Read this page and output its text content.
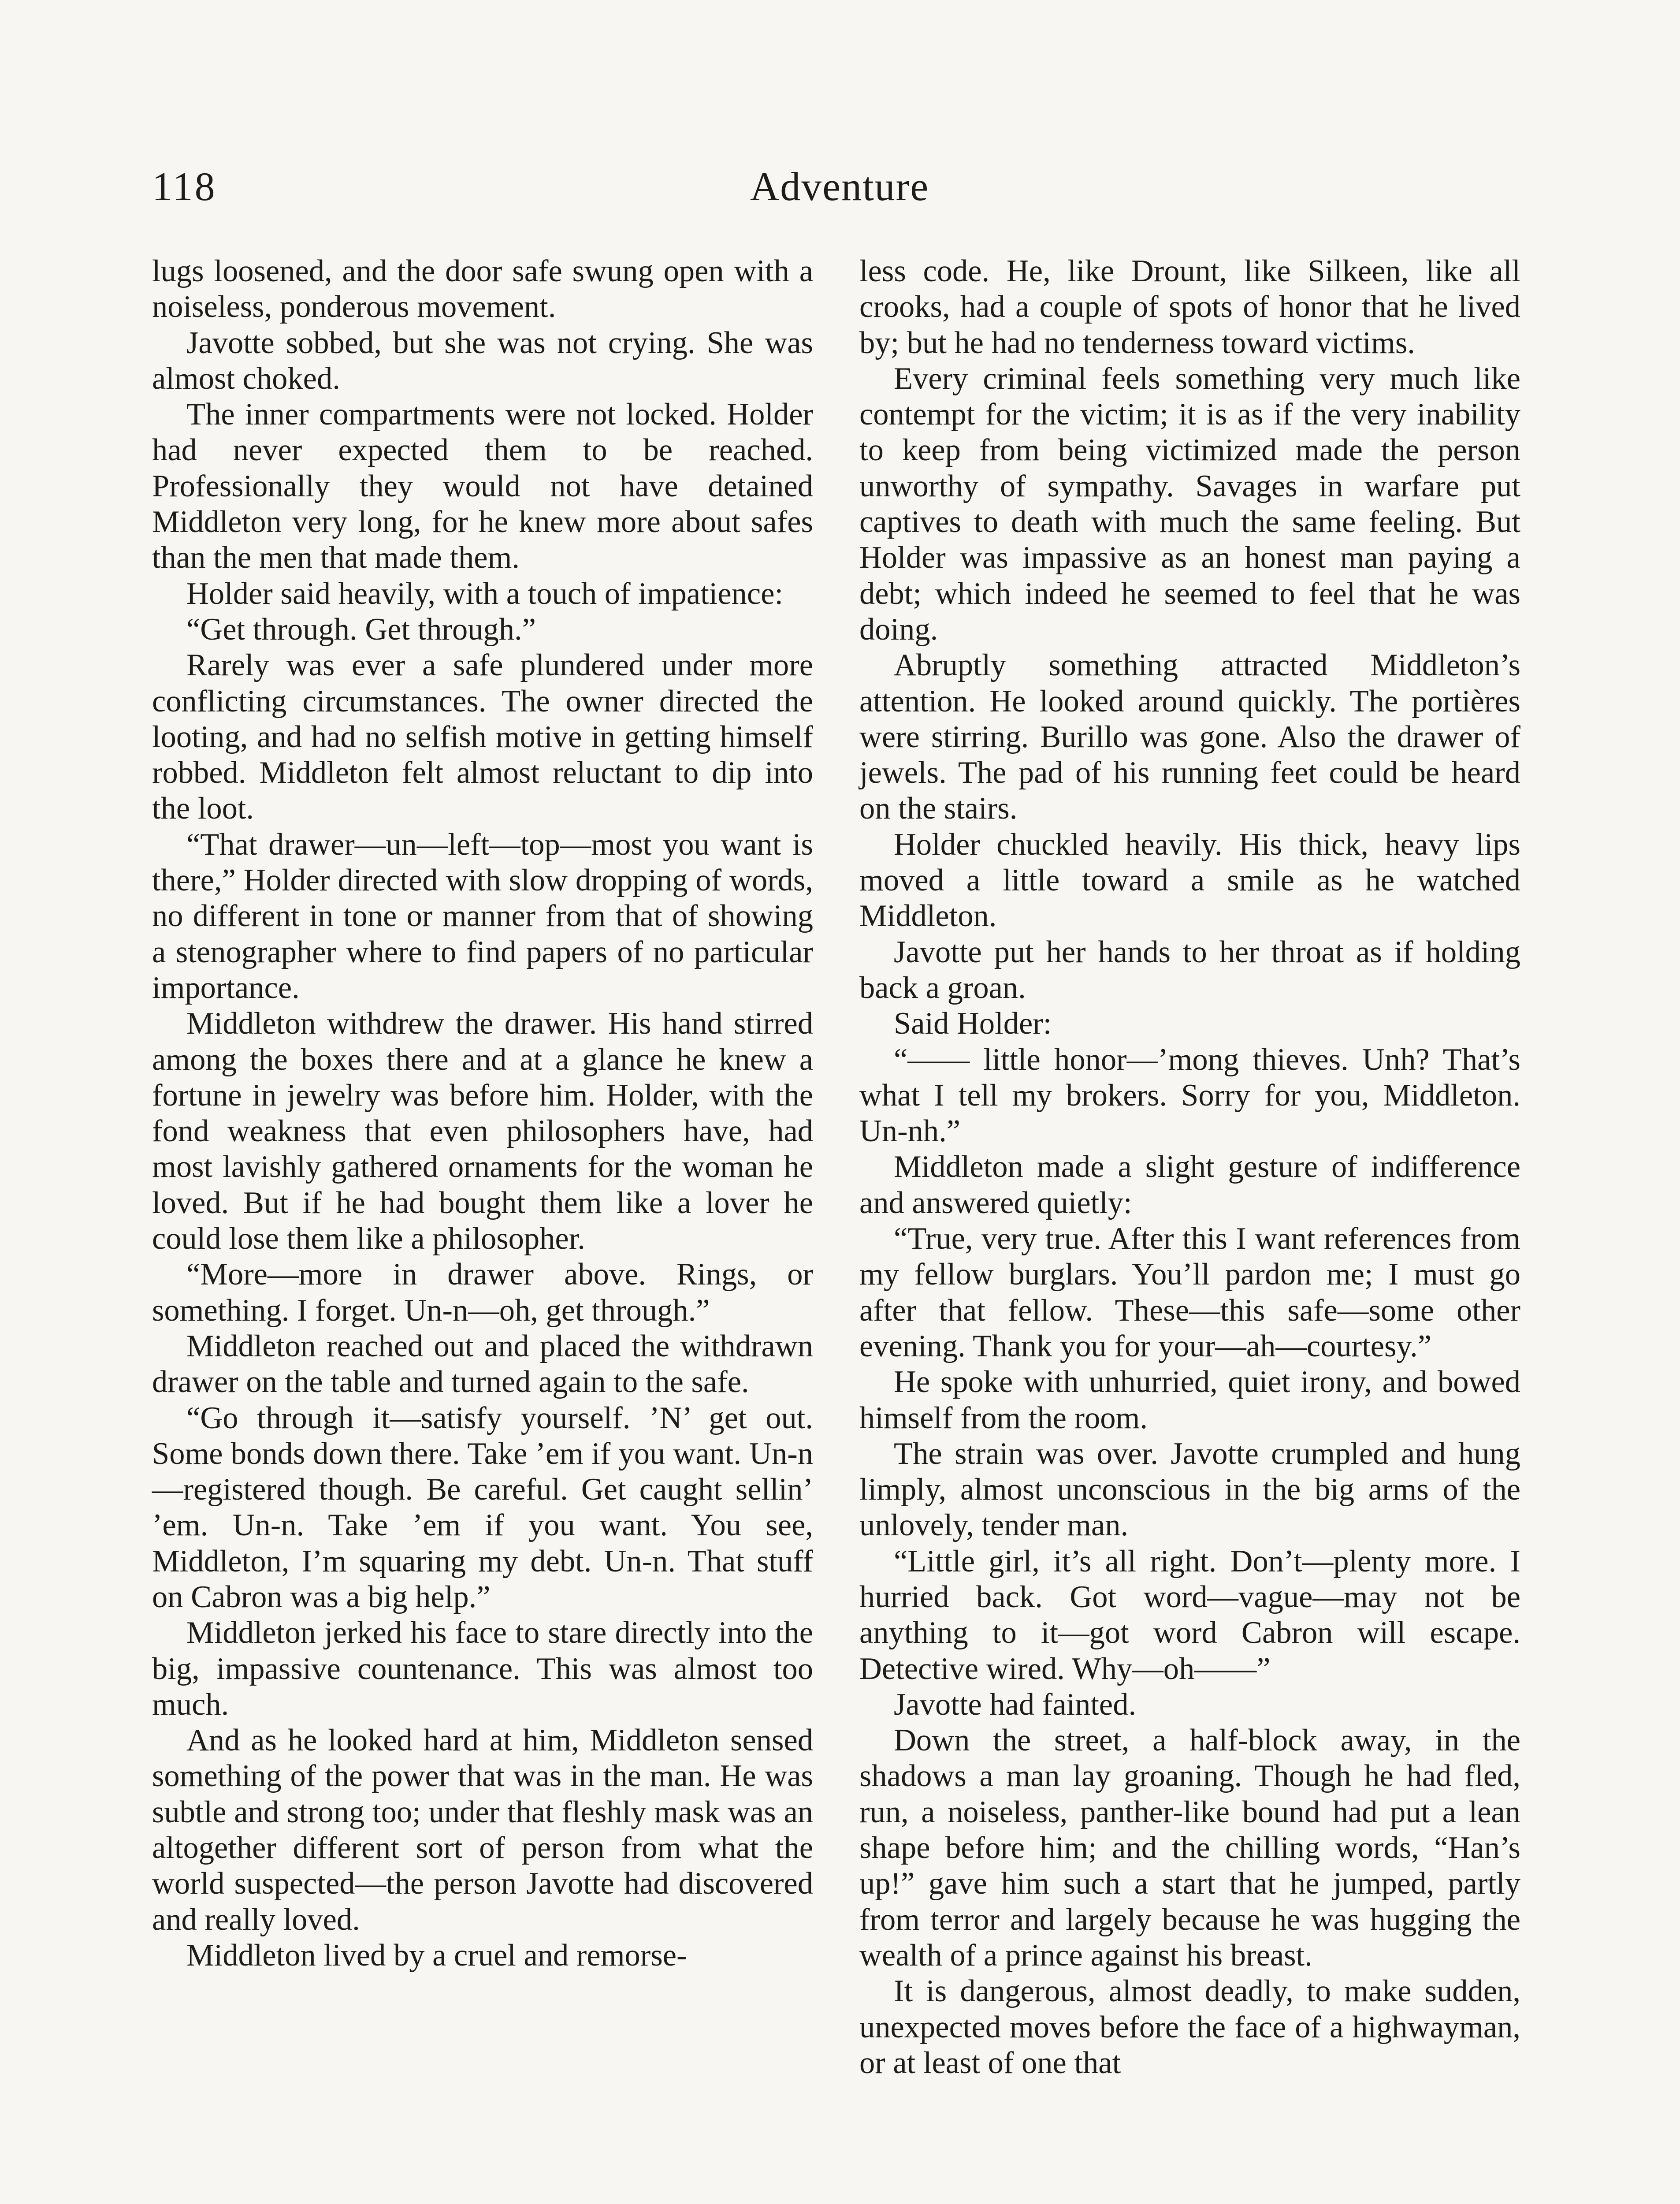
118	Adventure

lugs loosened, and the door safe swung open with a noiseless, ponderous movement.

Javotte sobbed, but she was not crying. She was almost choked.

The inner compartments were not locked. Holder had never expected them to be reached. Professionally they would not have detained Middleton very long, for he knew more about safes than the men that made them.

Holder said heavily, with a touch of impatience:

“Get through. Get through.”

Rarely was ever a safe plundered under more conflicting circumstances. The owner directed the looting, and had no selfish motive in getting himself robbed. Middleton felt almost reluctant to dip into the loot.

“That drawer—un—left—top—most you want is there,” Holder directed with slow dropping of words, no different in tone or manner from that of showing a stenographer where to find papers of no particular importance.

Middleton withdrew the drawer. His hand stirred among the boxes there and at a glance he knew a fortune in jewelry was before him. Holder, with the fond weakness that even philosophers have, had most lavishly gathered ornaments for the woman he loved. But if he had bought them like a lover he could lose them like a philosopher.

“More—more in drawer above. Rings, or something. I forget. Un-n—oh, get through.”

Middleton reached out and placed the withdrawn drawer on the table and turned again to the safe.

“Go through it—satisfy yourself. ’N’ get out. Some bonds down there. Take ’em if you want. Un-n—registered though. Be careful. Get caught sellin’ ’em. Un-n. Take ’em if you want. You see, Middleton, I’m squaring my debt. Un-n. That stuff on Cabron was a big help.”

Middleton jerked his face to stare directly into the big, impassive countenance. This was almost too much.

And as he looked hard at him, Middleton sensed something of the power that was in the man. He was subtle and strong too; under that fleshly mask was an altogether different sort of person from what the world suspected—the person Javotte had discovered and really loved.

Middleton lived by a cruel and remorse-

less code. He, like Drount, like Silkeen, like all crooks, had a couple of spots of honor that he lived by; but he had no tenderness toward victims.

Every criminal feels something very much like contempt for the victim; it is as if the very inability to keep from being victimized made the person unworthy of sympathy. Savages in warfare put captives to death with much the same feeling. But Holder was impassive as an honest man paying a debt; which indeed he seemed to feel that he was doing.

Abruptly something attracted Middleton’s attention. He looked around quickly. The portières were stirring. Burillo was gone. Also the drawer of jewels. The pad of his running feet could be heard on the stairs.

Holder chuckled heavily. His thick, heavy lips moved a little toward a smile as he watched Middleton.

Javotte put her hands to her throat as if holding back a groan.

Said Holder:

“—— little honor—’mong thieves. Unh? That’s what I tell my brokers. Sorry for you, Middleton. Un-nh.”

Middleton made a slight gesture of indifference and answered quietly:

“True, very true. After this I want references from my fellow burglars. You’ll pardon me; I must go after that fellow. These—this safe—some other evening. Thank you for your—ah—courtesy.”

He spoke with unhurried, quiet irony, and bowed himself from the room.

The strain was over. Javotte crumpled and hung limply, almost unconscious in the big arms of the unlovely, tender man.

“Little girl, it’s all right. Don’t—plenty more. I hurried back. Got word—vague—may not be anything to it—got word Cabron will escape. Detective wired. Why—oh——”

Javotte had fainted.

Down the street, a half-block away, in the shadows a man lay groaning. Though he had fled, run, a noiseless, panther-like bound had put a lean shape before him; and the chilling words, “Han’s up!” gave him such a start that he jumped, partly from terror and largely because he was hugging the wealth of a prince against his breast.

It is dangerous, almost deadly, to make sudden, unexpected moves before the face of a highwayman, or at least of one that
